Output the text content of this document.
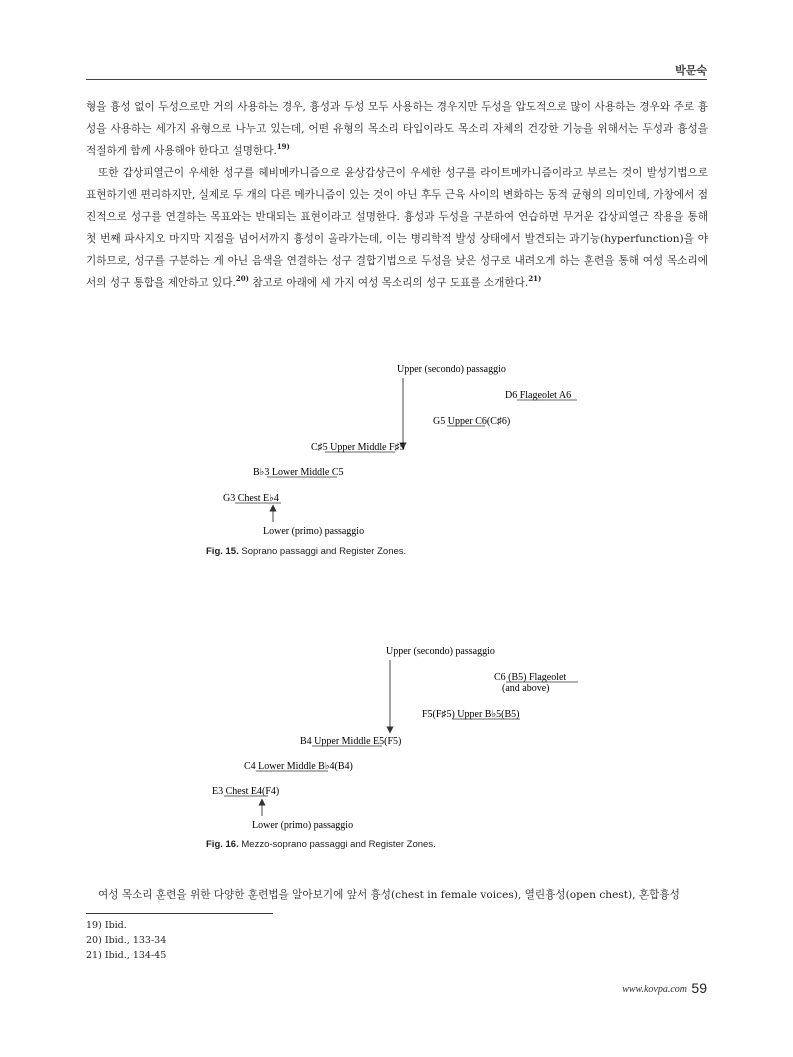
박문숙

형을 흉성 없이 두성으로만 거의 사용하는 경우, 흉성과 두성 모두 사용하는 경우지만 두성을 압도적으로 많이 사용하는 경우와 주로 흉성을 사용하는 세가지 유형으로 나누고 있는데, 어떤 유형의 목소리 타입이라도 목소리 자체의 건강한 기능을 위해서는 두성과 흉성을 적절하게 함께 사용해야 한다고 설명한다.$^{19)}$

또한 갑상피열근이 우세한 성구를 헤비메카니즘으로 윤상갑상근이 우세한 성구를 라이트메카니즘이라고 부르는 것이 발성기법으로 표현하기엔 편리하지만, 실제로 두 개의 다른 메카니즘이 있는 것이 아닌 후두 근육 사이의 변화하는 동적 균형의 의미인데, 가창에서 점진적으로 성구를 연결하는 목표와는 반대되는 표현이라고 설명한다. 흉성과 두성을 구분하여 연습하면 무거운 갑상피열근 작용을 통해 첫 번째 파사지오 마지막 지점을 넘어서까지 흉성이 올라가는데, 이는 병리학적 발성 상태에서 발견되는 과기능(hyperfunction)을 야기하므로, 성구를 구분하는 게 아닌 음색을 연결하는 성구 결합기법으로 두성을 낮은 성구로 내려오게 하는 훈련을 통해 여성 목소리에서의 성구 통합을 제안하고 있다.$^{20)}$ 참고로 아래에 세 가지 여성 목소리의 성구 도표를 소개한다.$^{21)}$

Upper (secondo) passaggio
D6 Flageolet A6
G5 Upper C6(C♯6)
C♯5 Upper Middle F♯5
B♭3 Lower Middle C5
G3 Chest E♭4
Lower (primo) passaggio
Fig. 15. Soprano passaggi and Register Zones.
Upper (secondo) passaggio
C6 (B5) Flageolet
(and above)
F5(F♯5) Upper B♭5(B5)
B4 Upper Middle E5(F5)
C4 Lower Middle B♭4(B4)
E3 Chest E4(F4)
Lower (primo) passaggio
Fig. 16. Mezzo-soprano passaggi and Register Zones.
여성 목소리 훈련을 위한 다양한 훈련법을 알아보기에 앞서 흉성(chest in female voices), 열린흉성(open chest), 혼합흉성
19) Ibid.
20) Ibid., 133-34
21) Ibid., 134-45
www.kovpa.com 59
